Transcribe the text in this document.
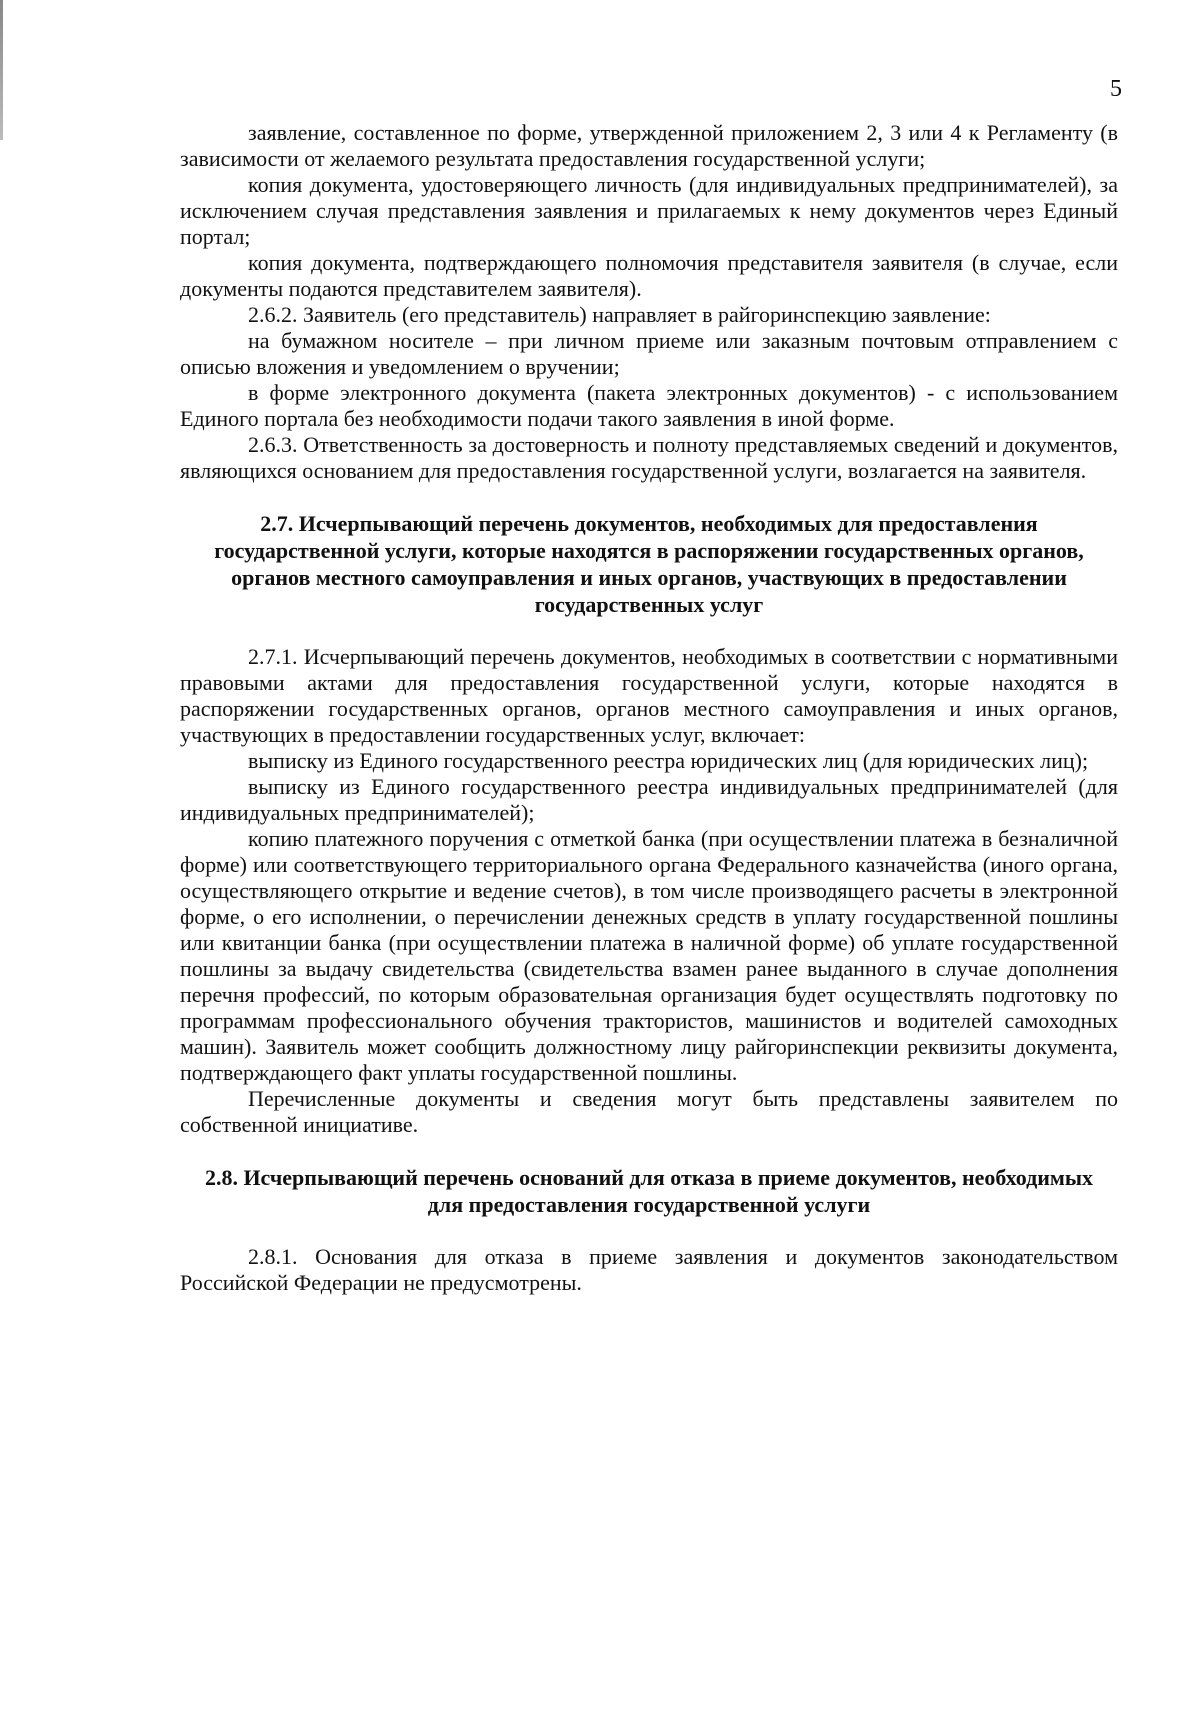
5

заявление, составленное по форме, утвержденной приложением 2, 3 или 4 к Регламенту (в зависимости от желаемого результата предоставления государственной услуги;

копия документа, удостоверяющего личность (для индивидуальных предпринимателей), за исключением случая представления заявления и прилагаемых к нему документов через Единый портал;

копия документа, подтверждающего полномочия представителя заявителя (в случае, если документы подаются представителем заявителя).

2.6.2. Заявитель (его представитель) направляет в райгоринспекцию заявление:

на бумажном носителе – при личном приеме или заказным почтовым отправлением с описью вложения и уведомлением о вручении;

в форме электронного документа (пакета электронных документов) - с использованием Единого портала без необходимости подачи такого заявления в иной форме.

2.6.3. Ответственность за достоверность и полноту представляемых сведений и документов, являющихся основанием для предоставления государственной услуги, возлагается на заявителя.

2.7. Исчерпывающий перечень документов, необходимых для предоставления государственной услуги, которые находятся в распоряжении государственных органов, органов местного самоуправления и иных органов, участвующих в предоставлении государственных услуг

2.7.1. Исчерпывающий перечень документов, необходимых в соответствии с нормативными правовыми актами для предоставления государственной услуги, которые находятся в распоряжении государственных органов, органов местного самоуправления и иных органов, участвующих в предоставлении государственных услуг, включает:

выписку из Единого государственного реестра юридических лиц (для юридических лиц);

выписку из Единого государственного реестра индивидуальных предпринимателей (для индивидуальных предпринимателей);

копию платежного поручения с отметкой банка (при осуществлении платежа в безналичной форме) или соответствующего территориального органа Федерального казначейства (иного органа, осуществляющего открытие и ведение счетов), в том числе производящего расчеты в электронной форме, о его исполнении, о перечислении денежных средств в уплату государственной пошлины или квитанции банка (при осуществлении платежа в наличной форме) об уплате государственной пошлины за выдачу свидетельства (свидетельства взамен ранее выданного в случае дополнения перечня профессий, по которым образовательная организация будет осуществлять подготовку по программам профессионального обучения трактористов, машинистов и водителей самоходных машин). Заявитель может сообщить должностному лицу райгоринспекции реквизиты документа, подтверждающего факт уплаты государственной пошлины.

Перечисленные документы и сведения могут быть представлены заявителем по собственной инициативе.

2.8. Исчерпывающий перечень оснований для отказа в приеме документов, необходимых для предоставления государственной услуги

2.8.1. Основания для отказа в приеме заявления и документов законодательством Российской Федерации не предусмотрены.
